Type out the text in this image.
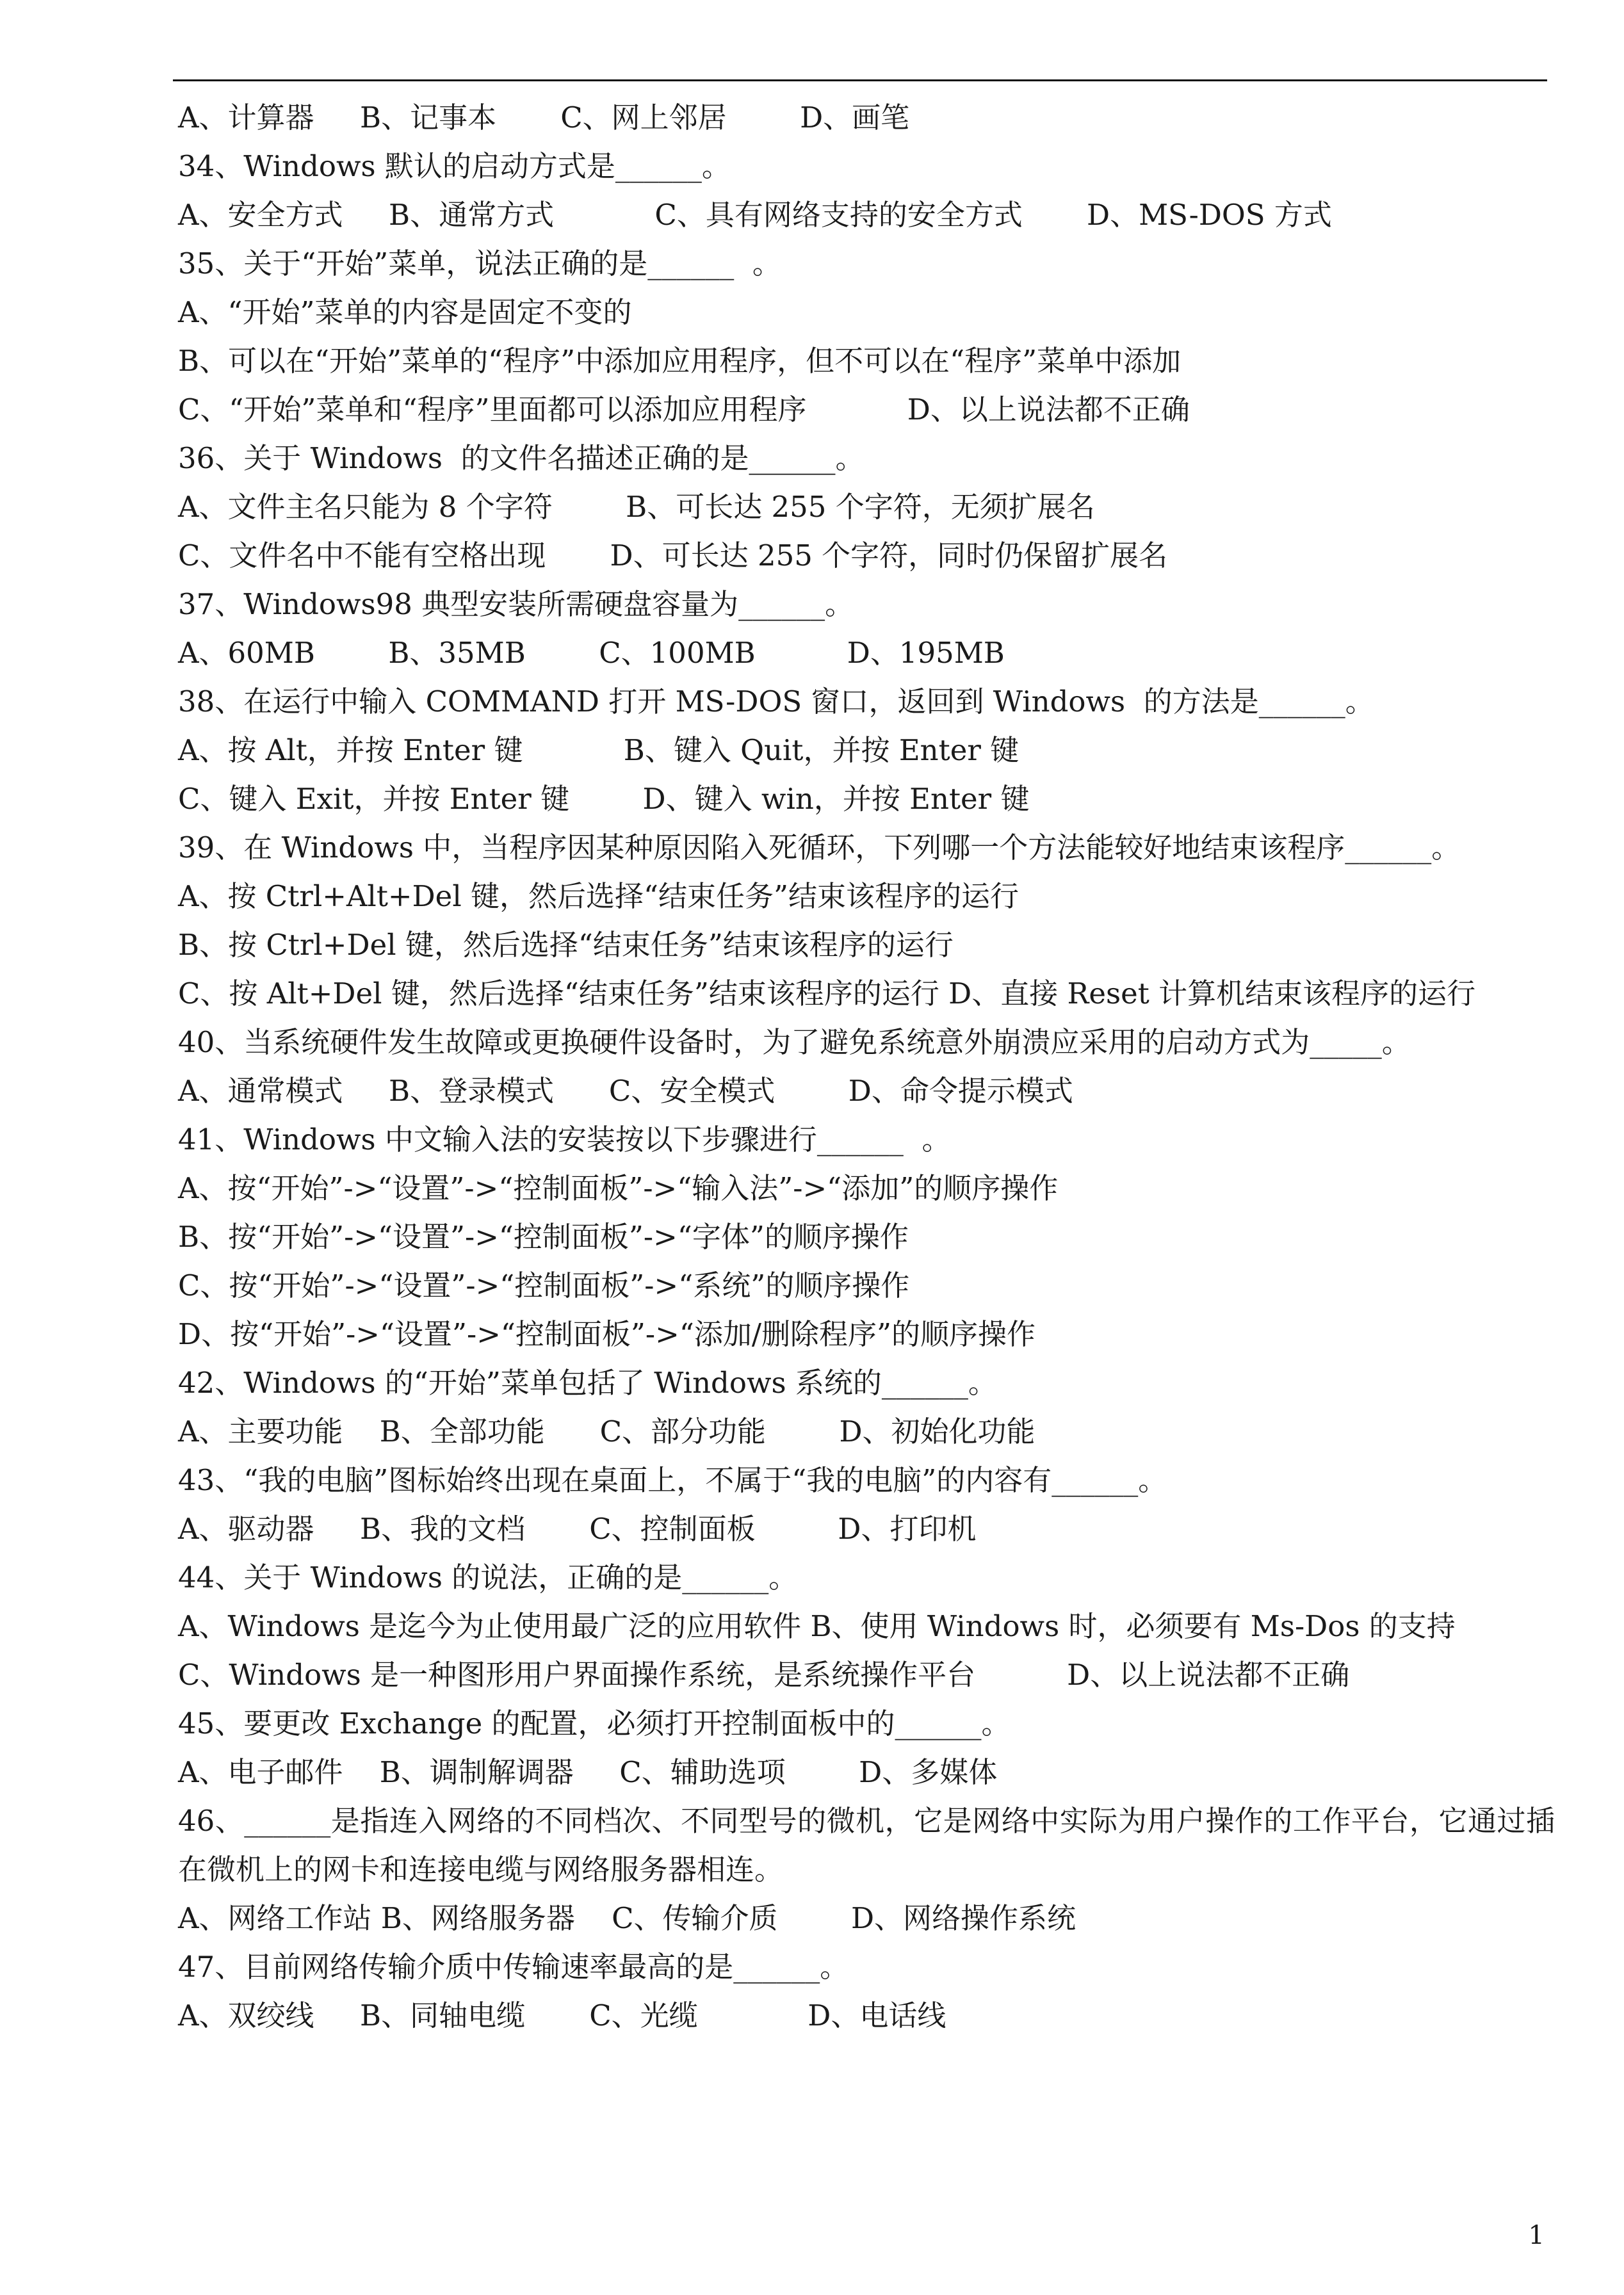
A、计算器     B、记事本       C、网上邻居        D、画笔
34、Windows 默认的启动方式是______。
A、安全方式     B、通常方式           C、具有网络支持的安全方式       D、MS-DOS 方式
35、关于“开始”菜单，说法正确的是______  。
A、“开始”菜单的内容是固定不变的
B、可以在“开始”菜单的“程序”中添加应用程序，但不可以在“程序”菜单中添加
C、“开始”菜单和“程序”里面都可以添加应用程序           D、以上说法都不正确
36、关于 Windows  的文件名描述正确的是______。
A、文件主名只能为 8 个字符        B、可长达 255 个字符，无须扩展名
C、文件名中不能有空格出现       D、可长达 255 个字符，同时仍保留扩展名
37、Windows98 典型安装所需硬盘容量为______。
A、60MB        B、35MB        C、100MB          D、195MB
38、在运行中输入 COMMAND 打开 MS-DOS 窗口，返回到 Windows  的方法是______。
A、按 Alt，并按 Enter 键           B、键入 Quit，并按 Enter 键
C、键入 Exit，并按 Enter 键        D、键入 win，并按 Enter 键
39、在 Windows 中，当程序因某种原因陷入死循环，下列哪一个方法能较好地结束该程序______。
A、按 Ctrl+Alt+Del 键，然后选择“结束任务”结束该程序的运行
B、按 Ctrl+Del 键，然后选择“结束任务”结束该程序的运行
C、按 Alt+Del 键，然后选择“结束任务”结束该程序的运行 D、直接 Reset 计算机结束该程序的运行
40、当系统硬件发生故障或更换硬件设备时，为了避免系统意外崩溃应采用的启动方式为_____。
A、通常模式     B、登录模式      C、安全模式        D、命令提示模式
41、Windows 中文输入法的安装按以下步骤进行______  。
A、按“开始”->“设置”->“控制面板”->“输入法”->“添加”的顺序操作
B、按“开始”->“设置”->“控制面板”->“字体”的顺序操作
C、按“开始”->“设置”->“控制面板”->“系统”的顺序操作
D、按“开始”->“设置”->“控制面板”->“添加/删除程序”的顺序操作
42、Windows 的“开始”菜单包括了 Windows 系统的______。
A、主要功能    B、全部功能      C、部分功能        D、初始化功能
43、“我的电脑”图标始终出现在桌面上，不属于“我的电脑”的内容有______。
A、驱动器     B、我的文档       C、控制面板         D、打印机
44、关于 Windows 的说法，正确的是______。
A、Windows 是迄今为止使用最广泛的应用软件 B、使用 Windows 时，必须要有 Ms-Dos 的支持
C、Windows 是一种图形用户界面操作系统，是系统操作平台          D、以上说法都不正确
45、要更改 Exchange 的配置，必须打开控制面板中的______。
A、电子邮件    B、调制解调器     C、辅助选项        D、多媒体
46、______是指连入网络的不同档次、不同型号的微机，它是网络中实际为用户操作的工作平台，它通过插在微机上的网卡和连接电缆与网络服务器相连。
A、网络工作站 B、网络服务器    C、传输介质        D、网络操作系统
47、目前网络传输介质中传输速率最高的是______。
A、双绞线     B、同轴电缆       C、光缆            D、电话线
1
